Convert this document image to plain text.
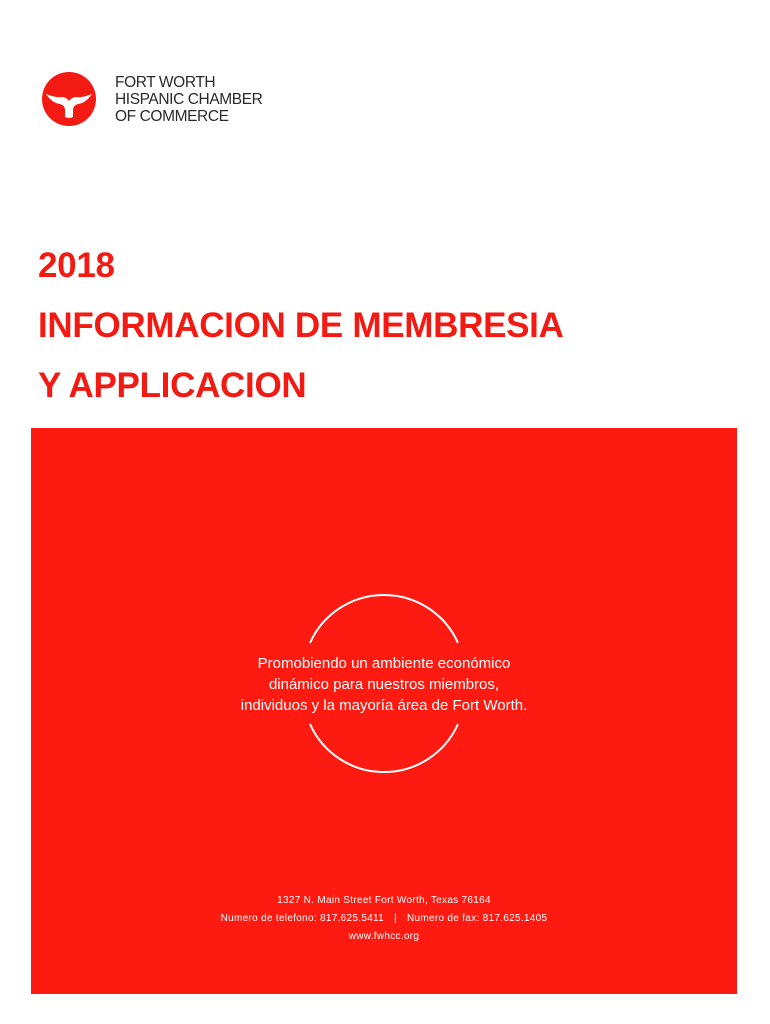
FORT WORTH
HISPANIC CHAMBER
OF COMMERCE
2018
INFORMACION DE MEMBRESIA
Y APPLICACION
Promobiendo un ambiente económico
dinámico para nuestros miembros,
individuos y la mayoría área de Fort Worth.
1327 N. Main Street Fort Worth, Texas 76164
Numero de telefono: 817.625.5411 | Numero de fax: 817.625.1405
www.fwhcc.org
